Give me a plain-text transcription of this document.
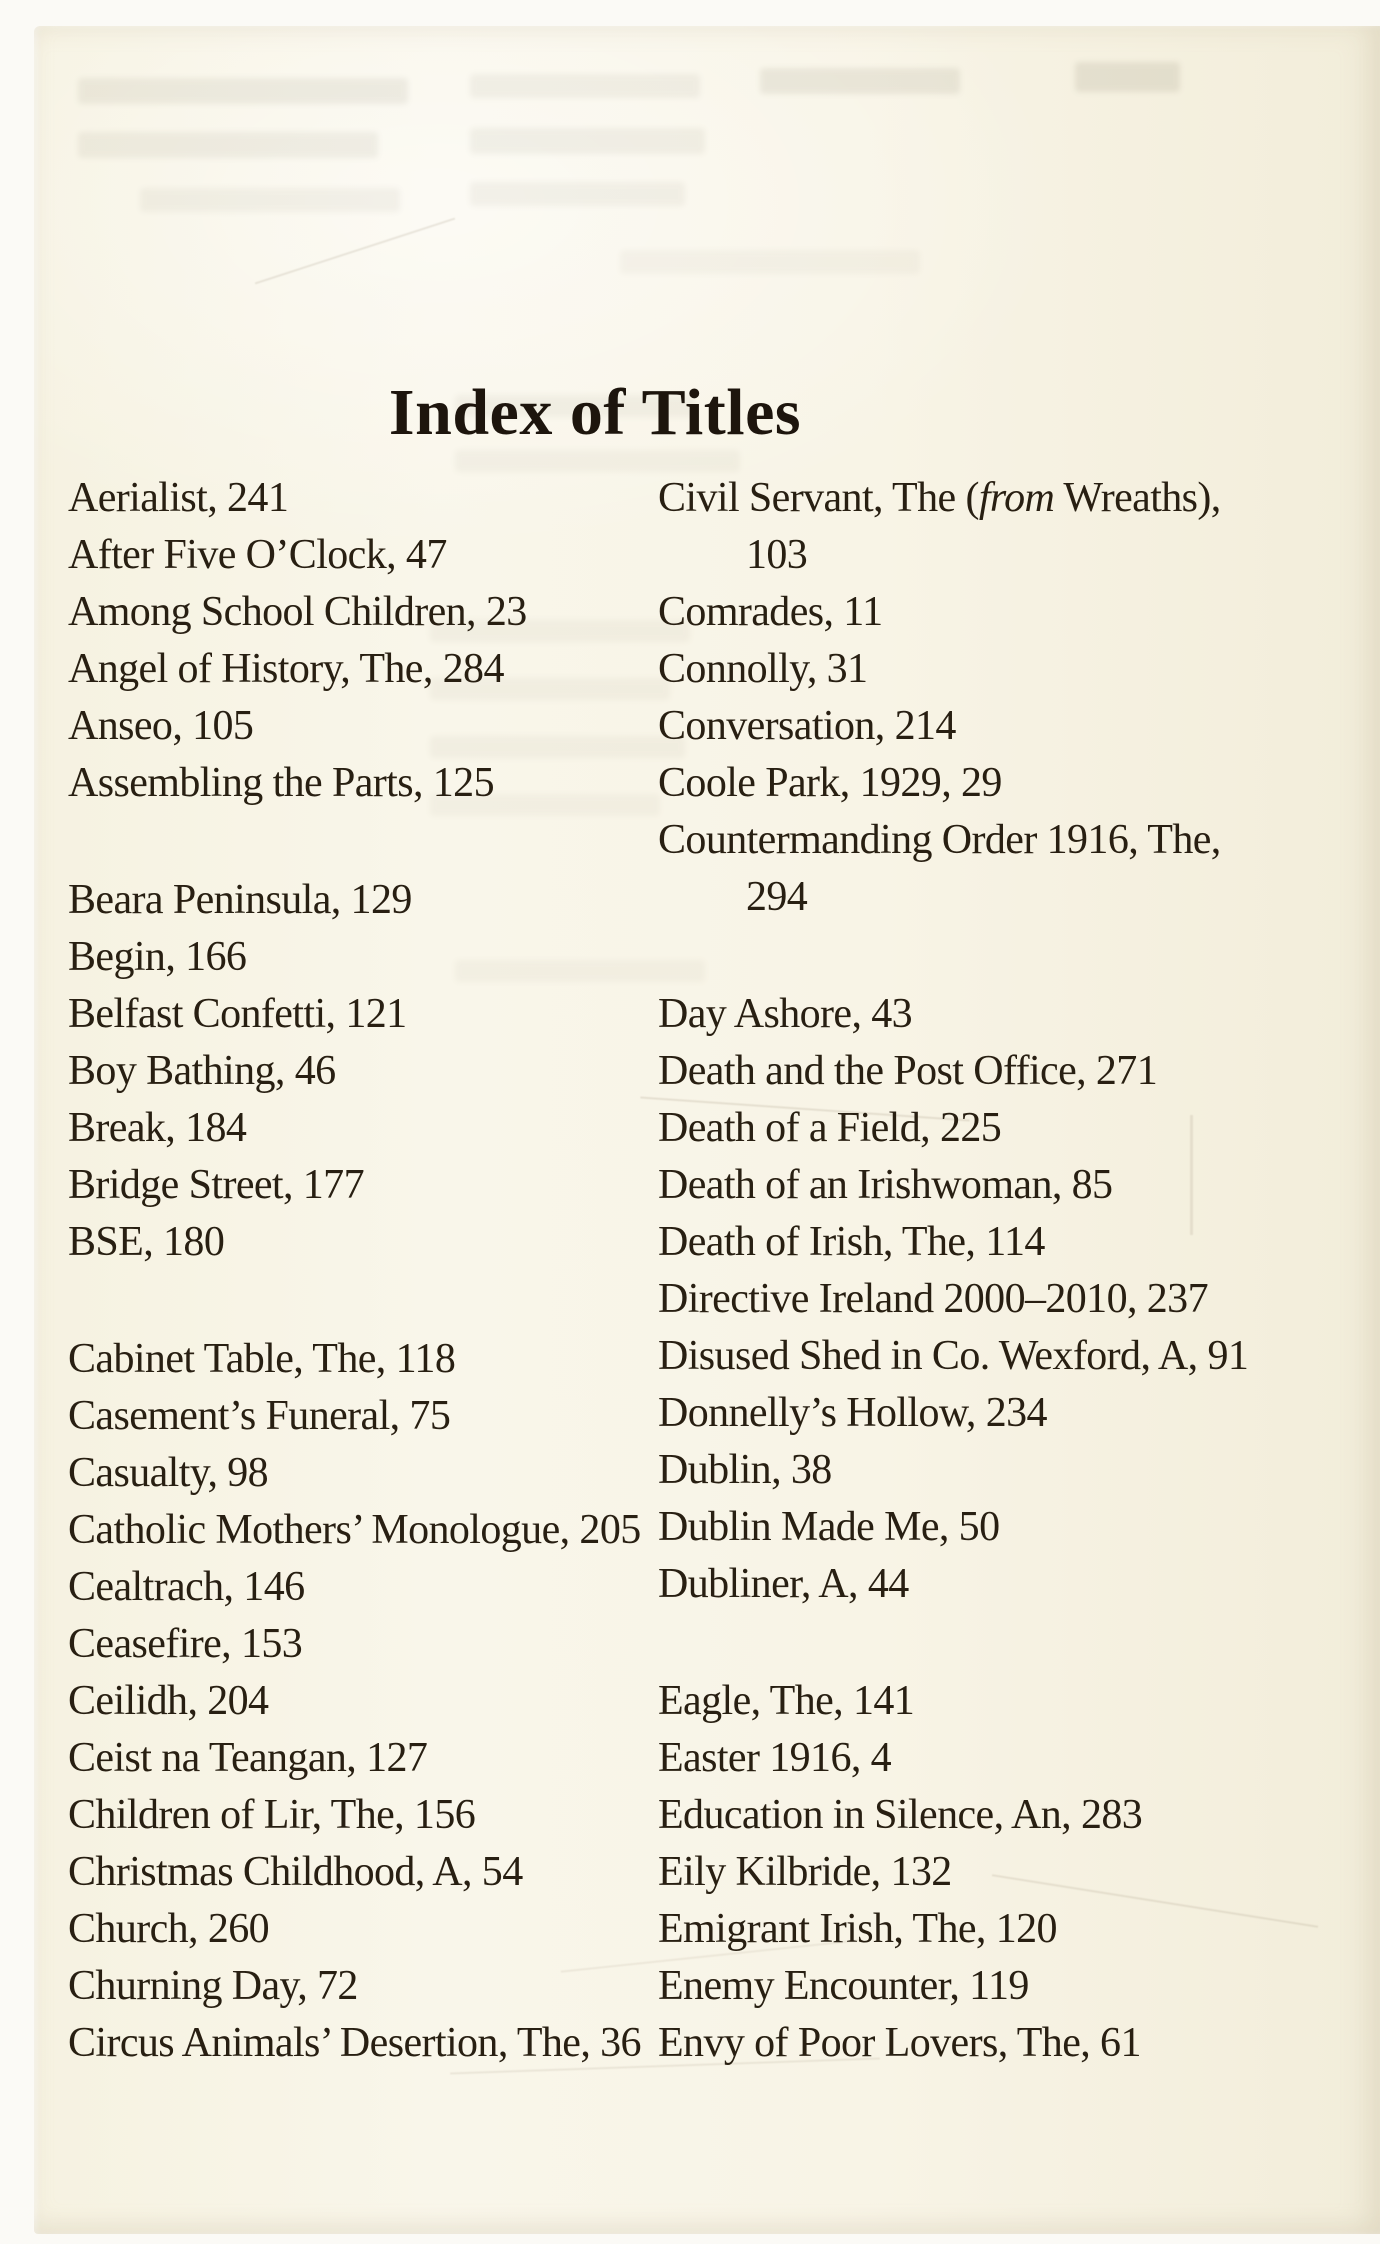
Index of Titles
Aerialist, 241
After Five O’Clock, 47
Among School Children, 23
Angel of History, The, 284
Anseo, 105
Assembling the Parts, 125
Beara Peninsula, 129
Begin, 166
Belfast Confetti, 121
Boy Bathing, 46
Break, 184
Bridge Street, 177
BSE, 180
Cabinet Table, The, 118
Casement’s Funeral, 75
Casualty, 98
Catholic Mothers’ Monologue, 205
Cealtrach, 146
Ceasefire, 153
Ceilidh, 204
Ceist na Teangan, 127
Children of Lir, The, 156
Christmas Childhood, A, 54
Church, 260
Churning Day, 72
Circus Animals’ Desertion, The, 36
Civil Servant, The (from Wreaths),
103
Comrades, 11
Connolly, 31
Conversation, 214
Coole Park, 1929, 29
Countermanding Order 1916, The,
294
Day Ashore, 43
Death and the Post Office, 271
Death of a Field, 225
Death of an Irishwoman, 85
Death of Irish, The, 114
Directive Ireland 2000–2010, 237
Disused Shed in Co. Wexford, A, 91
Donnelly’s Hollow, 234
Dublin, 38
Dublin Made Me, 50
Dubliner, A, 44
Eagle, The, 141
Easter 1916, 4
Education in Silence, An, 283
Eily Kilbride, 132
Emigrant Irish, The, 120
Enemy Encounter, 119
Envy of Poor Lovers, The, 61
